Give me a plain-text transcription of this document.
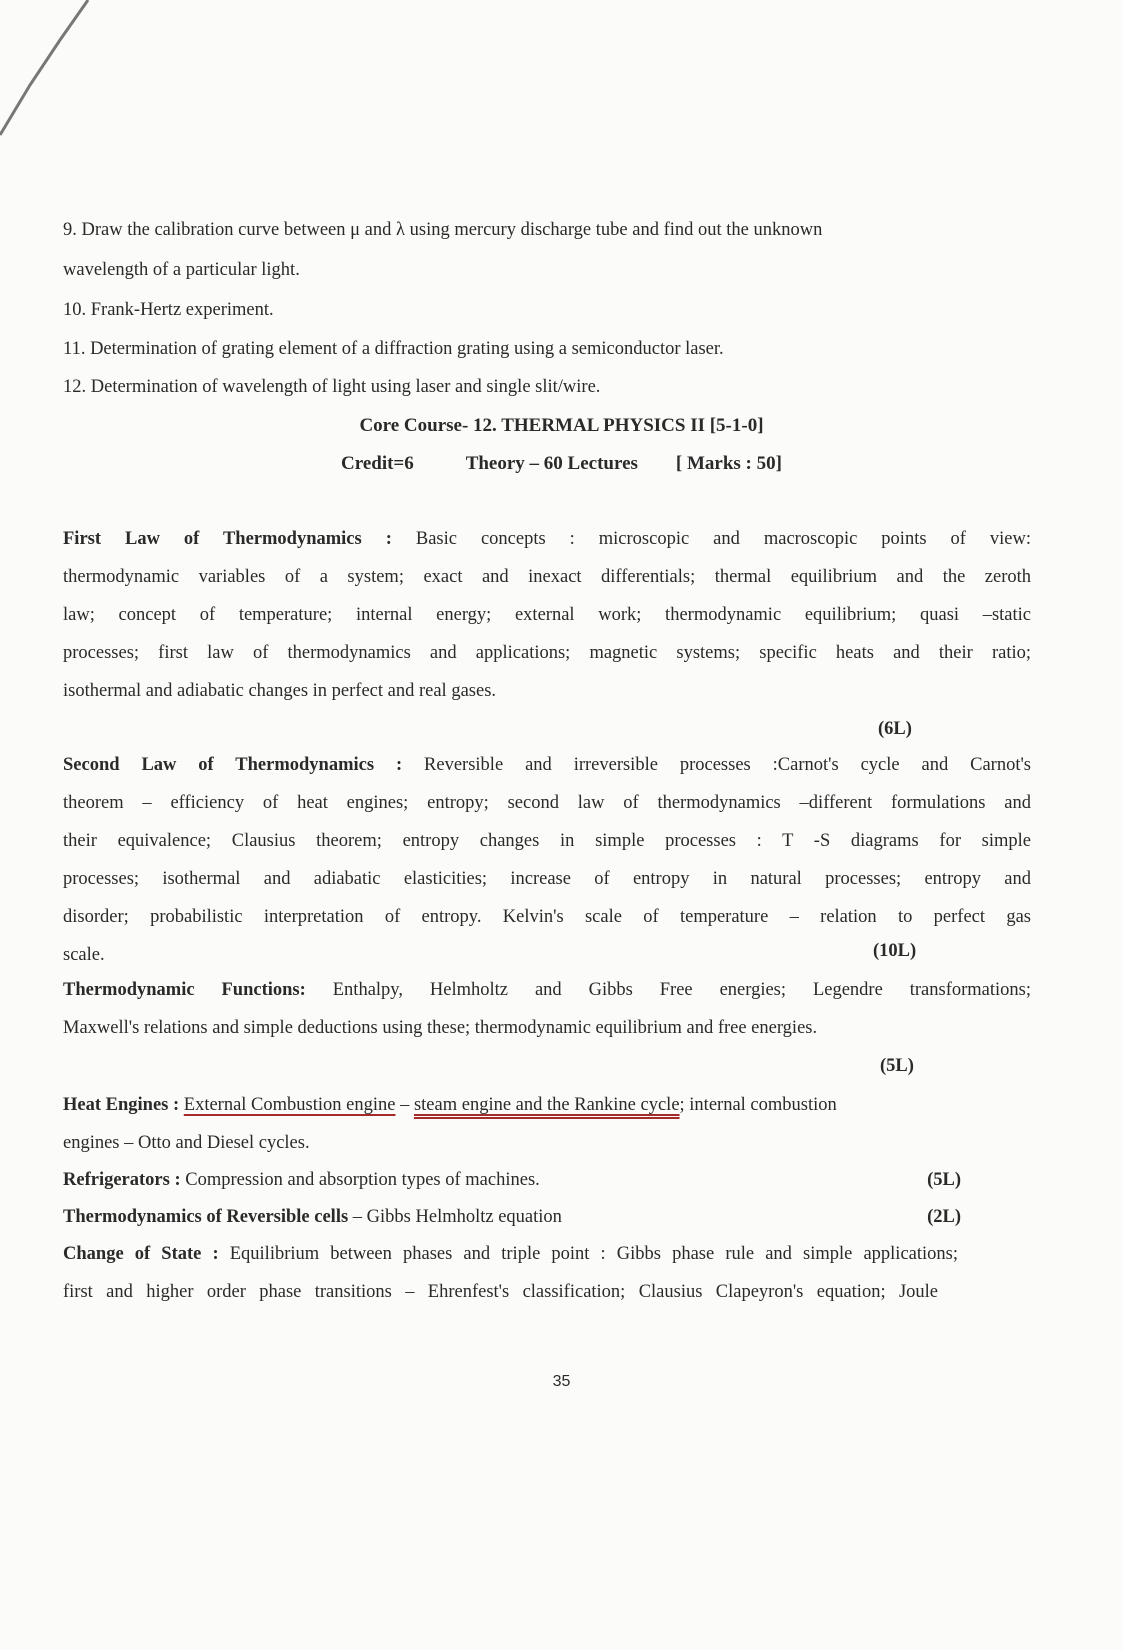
9. Draw the calibration curve between μ and λ using mercury discharge tube and find out the unknown
wavelength of a particular light.
10. Frank-Hertz experiment.
11. Determination of grating element of a diffraction grating using a semiconductor laser.
12. Determination of wavelength of light using laser and single slit/wire.
Core Course- 12. THERMAL PHYSICS II [5-1-0]
Credit=6	Theory – 60 Lectures [ Marks : 50]
First Law of Thermodynamics : Basic concepts : microscopic and macroscopic points of view:
thermodynamic variables of a system; exact and inexact differentials; thermal equilibrium and the zeroth
law; concept of temperature; internal energy; external work; thermodynamic equilibrium; quasi –static
processes; first law of thermodynamics and applications; magnetic systems; specific heats and their ratio;
isothermal and adiabatic changes in perfect and real gases.
(6L)
Second Law of Thermodynamics : Reversible and irreversible processes :Carnot's cycle and Carnot's
theorem – efficiency of heat engines; entropy; second law of thermodynamics –different formulations and
their equivalence; Clausius theorem; entropy changes in simple processes : T -S diagrams for simple
processes; isothermal and adiabatic elasticities; increase of entropy in natural processes; entropy and
disorder; probabilistic interpretation of entropy. Kelvin's scale of temperature – relation to perfect gas
scale.	(10L)
Thermodynamic Functions: Enthalpy, Helmholtz and Gibbs Free energies; Legendre transformations;
Maxwell's relations and simple deductions using these; thermodynamic equilibrium and free energies.
(5L)
Heat Engines : External Combustion engine – steam engine and the Rankine cycle; internal combustion
engines – Otto and Diesel cycles.
Refrigerators : Compression and absorption types of machines.	(5L)
Thermodynamics of Reversible cells – Gibbs Helmholtz equation	(2L)
Change of State : Equilibrium between phases and triple point : Gibbs phase rule and simple applications;
first and higher order phase transitions – Ehrenfest's classification; Clausius Clapeyron's equation; Joule
35
